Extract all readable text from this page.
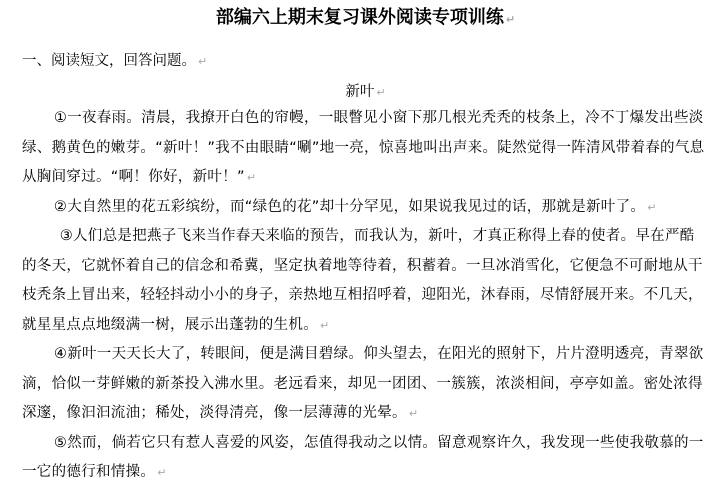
部编六上期末复习课外阅读专项训练 ↵
一、阅读短文，回答问题。 ↵
新叶 ↵

①一夜春雨。清晨，我撩开白色的帘幔，一眼瞥见小窗下那几根光秃秃的枝条上，冷不丁爆发出些淡绿、鹅黄色的嫩芽。“新叶！”我不由眼睛“唰”地一亮，惊喜地叫出声来。陡然觉得一阵清风带着春的气息从胸间穿过。“啊！你好，新叶！” ↵

②大自然里的花五彩缤纷，而“绿色的花”却十分罕见，如果说我见过的话，那就是新叶了。 ↵

③人们总是把燕子飞来当作春天来临的预告，而我认为，新叶，才真正称得上春的使者。早在严酷的冬天，它就怀着自己的信念和希冀，坚定执着地等待着，积蓄着。一旦冰消雪化，它便急不可耐地从干枝秃条上冒出来，轻轻抖动小小的身子，亲热地互相招呼着，迎阳光，沐春雨，尽情舒展开来。不几天，就星星点点地缀满一树，展示出蓬勃的生机。 ↵

④新叶一天天长大了，转眼间，便是满目碧绿。仰头望去，在阳光的照射下，片片澄明透亮，青翠欲滴，恰似一芽鲜嫩的新茶投入沸水里。老远看来，却见一团团、一簇簇，浓淡相间，亭亭如盖。密处浓得深邃，像汩汩流油；稀处，淡得清亮，像一层薄薄的光晕。 ↵

⑤然而，倘若它只有惹人喜爱的风姿，怎值得我动之以情。留意观察许久，我发现一些使我敬慕的一一它的德行和情操。 ↵
